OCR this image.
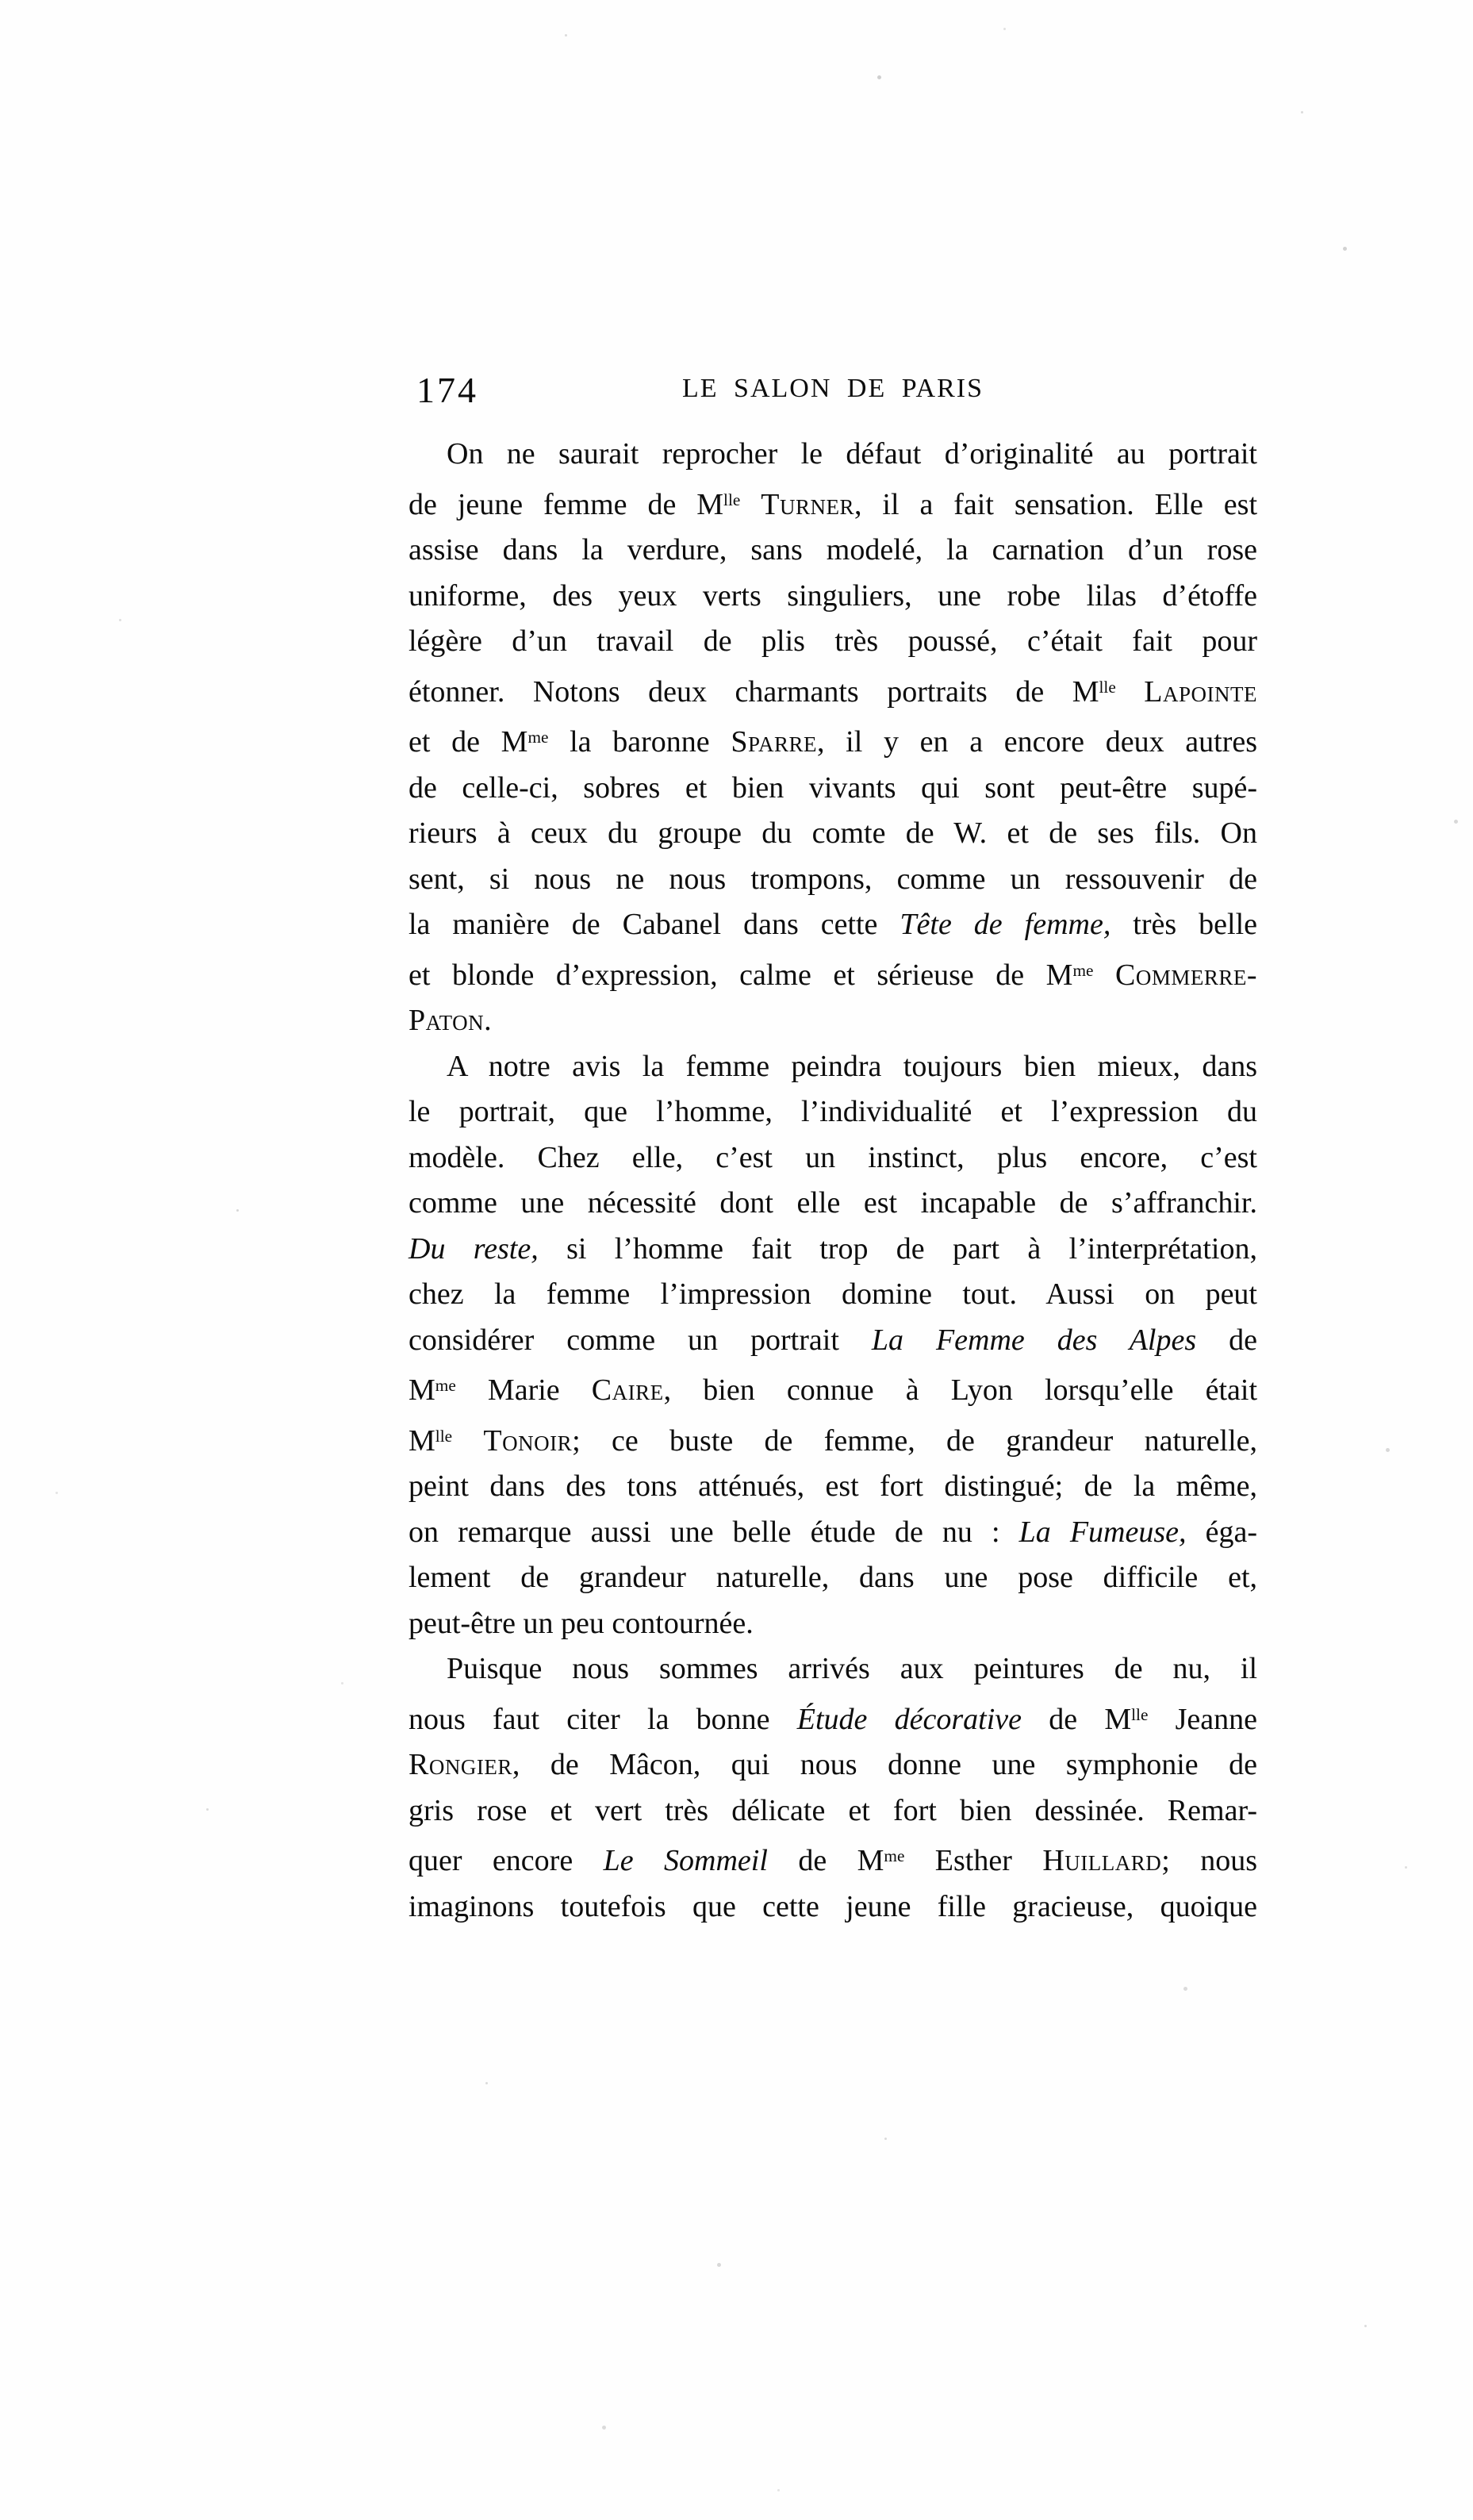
174	LE SALON DE PARIS
On ne saurait reprocher le défaut d’originalité au portrait
de jeune femme de $M^{lle}$ Turner, il a fait sensation. Elle est
assise dans la verdure, sans modelé, la carnation d’un rose
uniforme, des yeux verts singuliers, une robe lilas d’étoffe
légère d’un travail de plis très poussé, c’était fait pour
étonner. Notons deux charmants portraits de $M^{lle}$ Lapointe
et de $M^{me}$ la baronne Sparre, il y en a encore deux autres
de celle-ci, sobres et bien vivants qui sont peut-être supé-
rieurs à ceux du groupe du comte de W. et de ses fils. On
sent, si nous ne nous trompons, comme un ressouvenir de
la manière de Cabanel dans cette Tête de femme, très belle
et blonde d’expression, calme et sérieuse de $M^{me}$ Commerre-
Paton.
A notre avis la femme peindra toujours bien mieux, dans
le portrait, que l’homme, l’individualité et l’expression du
modèle. Chez elle, c’est un instinct, plus encore, c’est
comme une nécessité dont elle est incapable de s’affranchir.
Du reste, si l’homme fait trop de part à l’interprétation,
chez la femme l’impression domine tout. Aussi on peut
considérer comme un portrait La Femme des Alpes de
$M^{me}$ Marie Caire, bien connue à Lyon lorsqu’elle était
$M^{lle}$ Tonoir; ce buste de femme, de grandeur naturelle,
peint dans des tons atténués, est fort distingué; de la même,
on remarque aussi une belle étude de nu : La Fumeuse, éga-
lement de grandeur naturelle, dans une pose difficile et,
peut-être un peu contournée.
Puisque nous sommes arrivés aux peintures de nu, il
nous faut citer la bonne Étude décorative de $M^{lle}$ Jeanne
Rongier, de Mâcon, qui nous donne une symphonie de
gris rose et vert très délicate et fort bien dessinée. Remar-
quer encore Le Sommeil de $M^{me}$ Esther Huillard; nous
imaginons toutefois que cette jeune fille gracieuse, quoique
